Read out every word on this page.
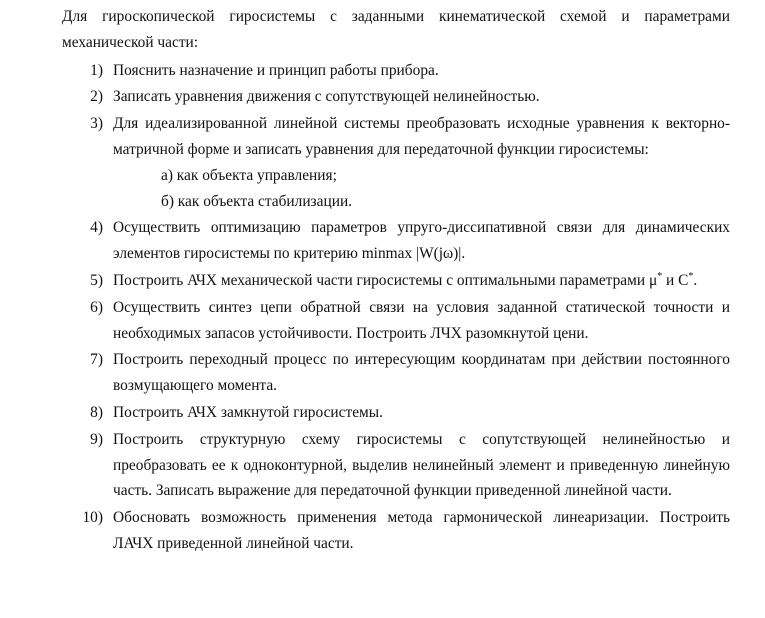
Для гироскопической гиросистемы с заданными кинематической схемой и параметрами механической части:

1) Пояснить назначение и принцип работы прибора.
2) Записать уравнения движения с сопутствующей нелинейностью.
3) Для идеализированной линейной системы преобразовать исходные уравнения к векторно-матричной форме и записать уравнения для передаточной функции гиросистемы:
а) как объекта управления;
б) как объекта стабилизации.
4) Осуществить оптимизацию параметров упруго-диссипативной связи для динамических элементов гиросистемы по критерию minmax |W(jω)|.
5) Построить АЧХ механической части гиросистемы с оптимальными параметрами μ* и С*.
6) Осуществить синтез цепи обратной связи на условия заданной статической точности и необходимых запасов устойчивости. Построить ЛЧХ разомкнутой цени.
7) Построить переходный процесс по интересующим координатам при действии постоянного возмущающего момента.
8) Построить АЧХ замкнутой гиросистемы.
9) Построить структурную схему гиросистемы с сопутствующей нелинейностью и преобразовать ее к одноконтурной, выделив нелинейный элемент и приведенную линейную часть. Записать выражение для передаточной функции приведенной линейной части.
10) Обосновать возможность применения метода гармонической линеаризации. Построить ЛАЧХ приведенной линейной части.
